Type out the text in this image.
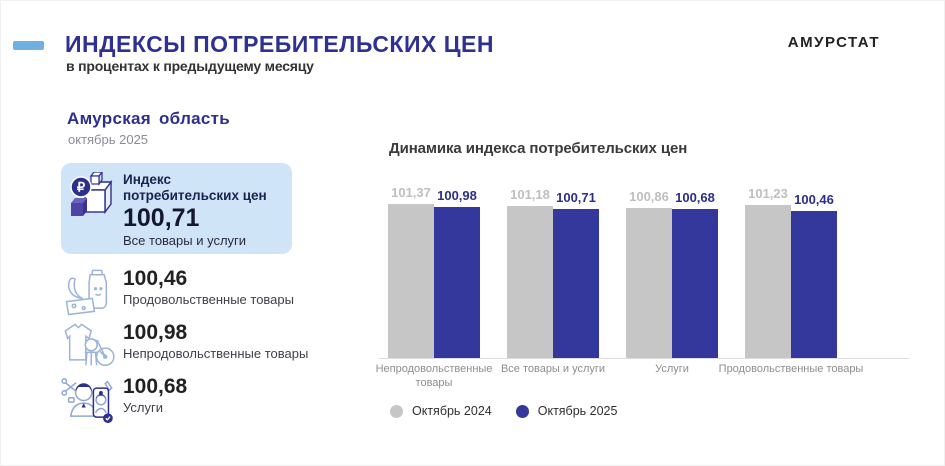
ИНДЕКСЫ ПОТРЕБИТЕЛЬСКИХ ЦЕН
в процентах к предыдущему месяцу
АМУРСТАТ
Амурская область
октябрь 2025
₽	Индекс потребительских цен
100,71
Все товары и услуги
100,46
Продовольственные товары
100,98
Непродовольственные товары
100,68
Услуги
Динамика индекса потребительских цен
101,37 100,98	101,18 100,71	100,86 100,68	101,23 100,46
Октябрь 2024	Октябрь 2025
Непродовольственные товары
Все товары и услуги	Услуги	Продовольственные товары
